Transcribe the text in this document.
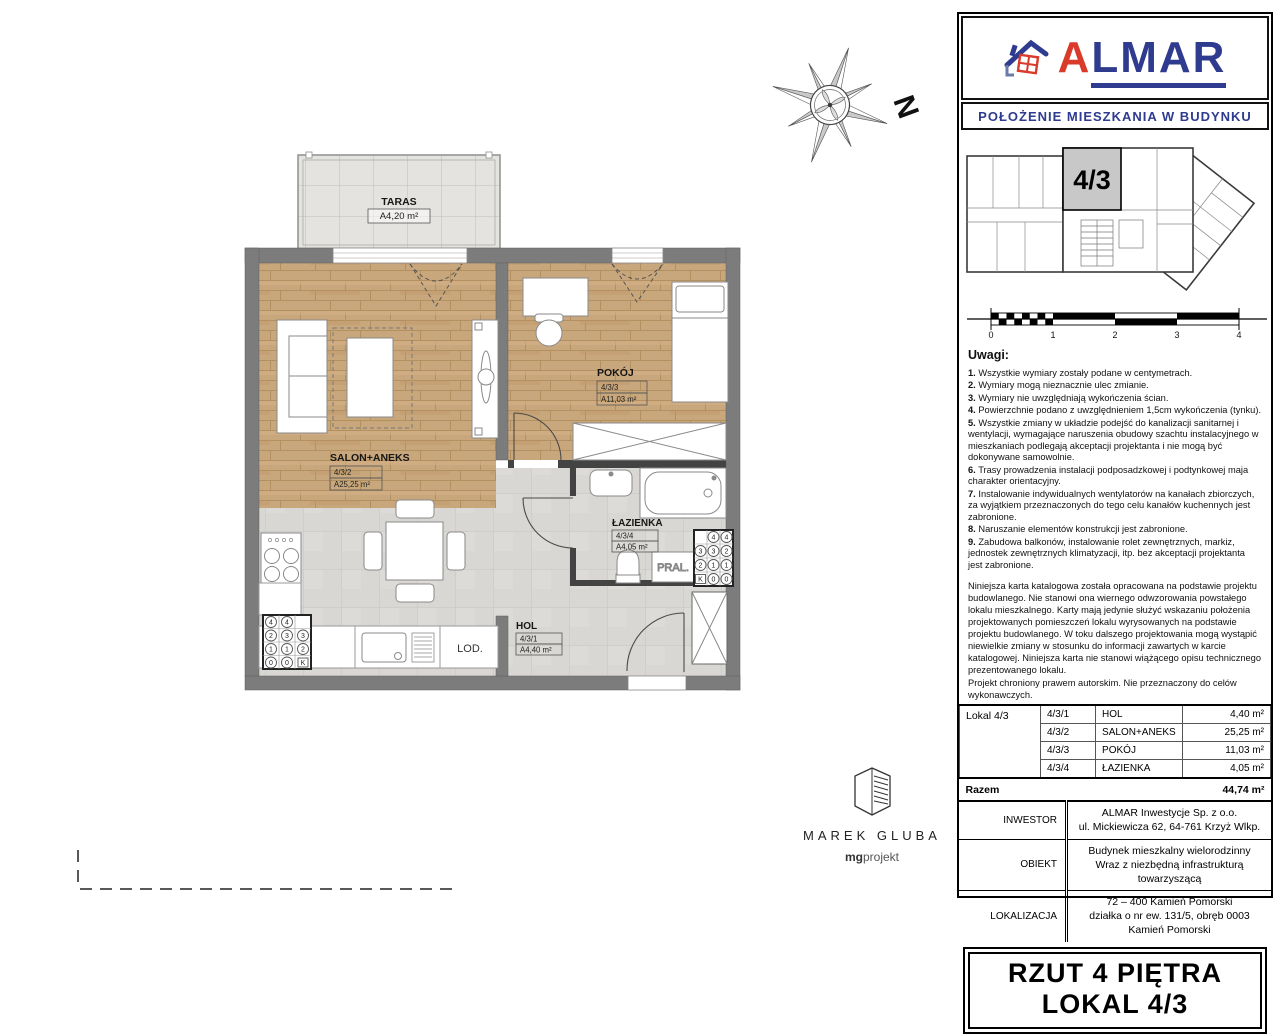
LOD.
PRAL.
4 4
2 3 3
1 1 2
0 0 K
4 4
3 3 2
2 1 1
K 0 0
TARAS
A4,20 m²
SALON+ANEKS
4/3/2
A25,25 m²
POKÓJ
4/3/3
A11,03 m²
ŁAZIENKA
4/3/4
A4,05 m²
HOL
4/3/1
A4,40 m²
N
MAREK GLUBA
mgprojekt
ALMAR
POŁOŻENIE MIESZKANIA W BUDYNKU
4/3
0	1	2	3	4
Uwagi:
1. Wszystkie wymiary zostały podane w centymetrach.
2. Wymiary mogą nieznacznie ulec zmianie.
3. Wymiary nie uwzględniają wykończenia ścian.
4. Powierzchnie podano z uwzględnieniem 1,5cm wykończenia (tynku).
5. Wszystkie zmiany w układzie podejść do kanalizacji sanitarnej i wentylacji, wymagające naruszenia obudowy szachtu instalacyjnego w mieszkaniach podlegają akceptacji projektanta i nie mogą być dokonywane samowolnie.
6. Trasy prowadzenia instalacji podposadzkowej i podtynkowej maja charakter orientacyjny.
7. Instalowanie indywidualnych wentylatorów na kanałach zbiorczych, za wyjątkiem przeznaczonych do tego celu kanałów kuchennych jest zabronione.
8. Naruszanie elementów konstrukcji jest zabronione.
9. Zabudowa balkonów, instalowanie rolet zewnętrznych, markiz, jednostek zewnętrznych klimatyzacji, itp. bez akceptacji projektanta jest zabronione.

Niniejsza karta katalogowa została opracowana na podstawie projektu budowlanego. Nie stanowi ona wiernego odwzorowania powstałego lokalu mieszkalnego. Karty mają jedynie służyć wskazaniu położenia projektowanych pomieszczeń lokalu wyrysowanych na podstawie projektu budowlanego. W toku dalszego projektowania mogą wystąpić niewielkie zmiany w stosunku do informacji zawartych w karcie katalogowej. Niniejsza karta nie stanowi wiążącego opisu technicznego prezentowanego lokalu.

Projekt chroniony prawem autorskim. Nie przeznaczony do celów wykonawczych.

Lokal 4/3	4/3/1	HOL	4,40 m²
	4/3/2	SALON+ANEKS	25,25 m²
	4/3/3	POKÓJ	11,03 m²
	4/3/4	ŁAZIENKA	4,05 m²
Razem			44,74 m²
INWESTOR	ALMAR Inwestycje Sp. z o.o.
ul. Mickiewicza 62, 64-761 Krzyż Wlkp.

OBIEKT	Budynek mieszkalny wielorodzinny
Wraz z niezbędną infrastrukturą towarzyszącą

LOKALIZACJA	72 – 400 Kamień Pomorski
działka o nr ew. 131/5, obręb 0003 Kamień Pomorski
RZUT 4 PIĘTRA
LOKAL 4/3
